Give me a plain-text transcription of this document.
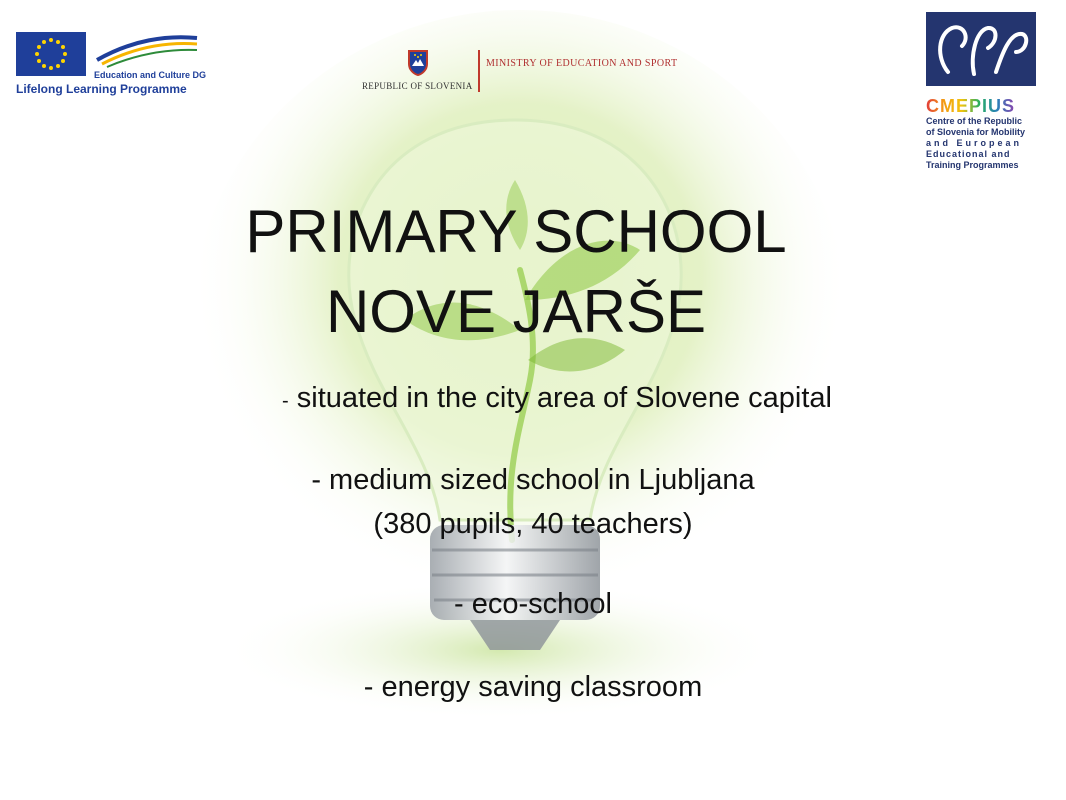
Education and Culture DG
Lifelong Learning Programme	REPUBLIC OF SLOVENIA
MINISTRY OF EDUCATION AND SPORT
CMEPIUS
Centre of the Republic
of Slovenia for Mobility
and European
Educational and
Training Programmes
PRIMARY SCHOOL
NOVE JARŠE
- situated in the city area of Slovene capital
- medium sized school in Ljubljana
(380 pupils, 40 teachers)
- eco-school
- energy saving classroom
